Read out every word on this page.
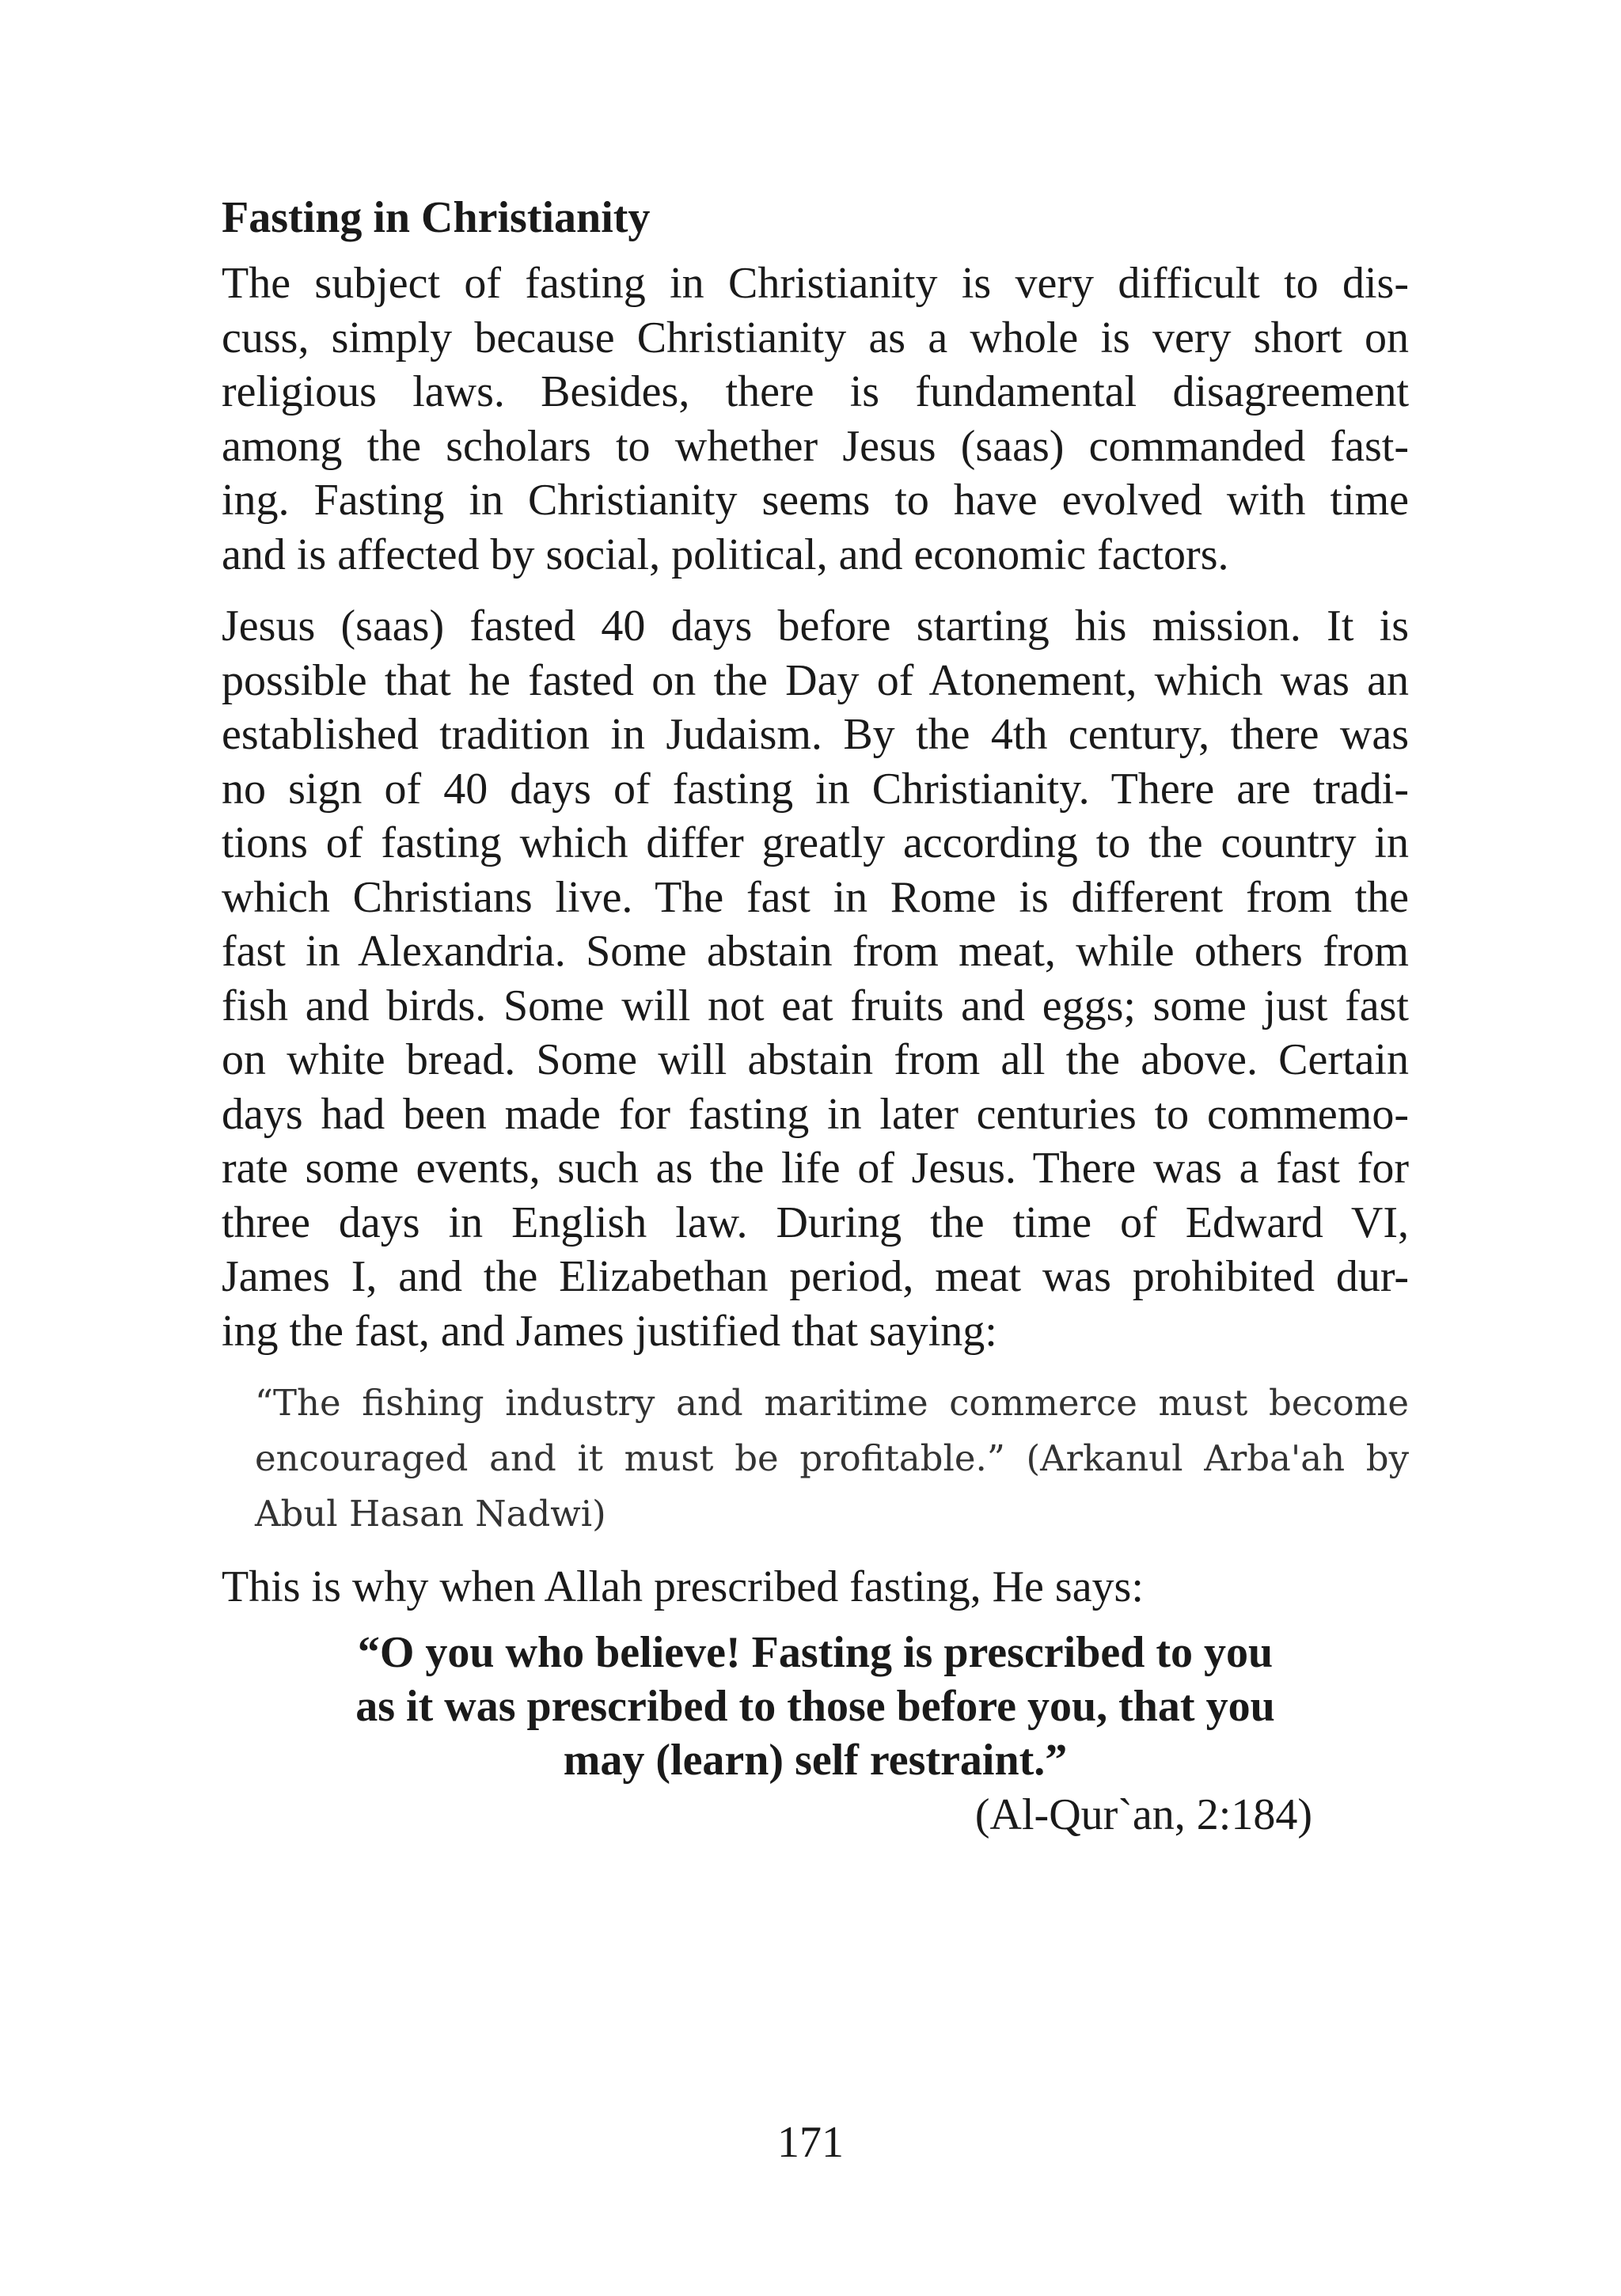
Fasting in Christianity
The subject of fasting in Christianity is very difficult to dis-
cuss, simply because Christianity as a whole is very short on
religious laws. Besides, there is fundamental disagreement
among the scholars to whether Jesus (saas) commanded fast-
ing. Fasting in Christianity seems to have evolved with time
and is affected by social, political, and economic factors.
Jesus (saas) fasted 40 days before starting his mission. It is
possible that he fasted on the Day of Atonement, which was an
established tradition in Judaism. By the 4th century, there was
no sign of 40 days of fasting in Christianity. There are tradi-
tions of fasting which differ greatly according to the country in
which Christians live. The fast in Rome is different from the
fast in Alexandria. Some abstain from meat, while others from
fish and birds. Some will not eat fruits and eggs; some just fast
on white bread. Some will abstain from all the above. Certain
days had been made for fasting in later centuries to commemo-
rate some events, such as the life of Jesus. There was a fast for
three days in English law. During the time of Edward VI,
James I, and the Elizabethan period, meat was prohibited dur-
ing the fast, and James justified that saying:
“The fishing industry and maritime commerce must become
encouraged and it must be profitable.” (Arkanul Arba'ah by
Abul Hasan Nadwi)
This is why when Allah prescribed fasting, He says:
“O you who believe! Fasting is prescribed to you
as it was prescribed to those before you, that you
may (learn) self restraint.”
(Al-Qur`an, 2:184)
171
